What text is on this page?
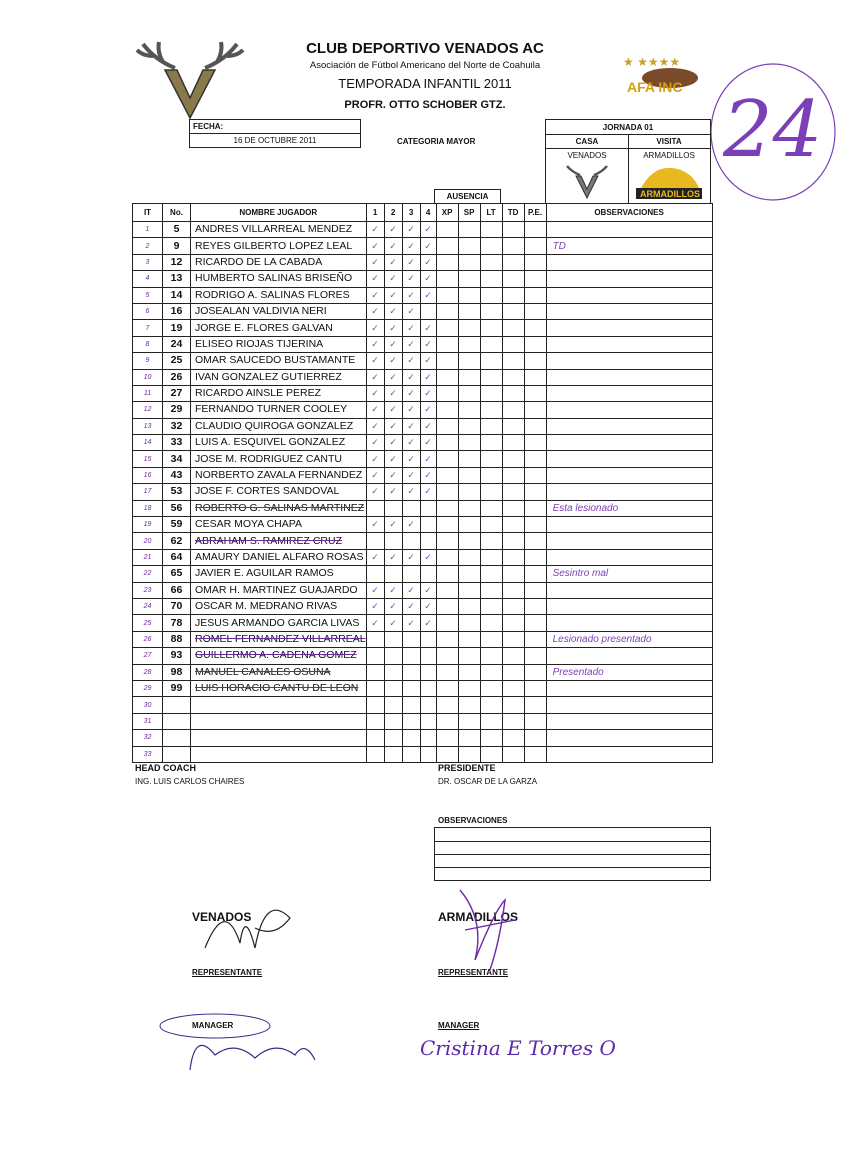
CLUB DEPORTIVO VENADOS AC
Asociación de Fútbol Americano del Norte de Coahuila
TEMPORADA INFANTIL 2011
PROFR. OTTO SCHOBER GTZ.
★ ★★★★
AFA INC 24
FECHA:
16 DE OCTUBRE 2011	CATEGORIA MAYOR
JORNADA 01
CASA	VISITA
VENADOS	ARMADILLOS
ARMADILLOS
AUSENCIA
IT	No.	NOMBRE JUGADOR	1	2	3	4	XP	SP	LT	TD	P.E.	OBSERVACIONES
1	5	ANDRES VILLARREAL MENDEZ	✓	✓	✓	✓						
2	9	REYES GILBERTO LOPEZ LEAL	✓	✓	✓	✓						TD
3	12	RICARDO DE LA CABADA	✓	✓	✓	✓						
4	13	HUMBERTO SALINAS BRISEÑO	✓	✓	✓	✓						
5	14	RODRIGO A. SALINAS FLORES	✓	✓	✓	✓						
6	16	JOSEALAN VALDIVIA NERI	✓	✓	✓							
7	19	JORGE E. FLORES GALVAN	✓	✓	✓	✓						
8	24	ELISEO RIOJAS TIJERINA	✓	✓	✓	✓						
9	25	OMAR SAUCEDO BUSTAMANTE	✓	✓	✓	✓						
10	26	IVAN GONZALEZ GUTIERREZ	✓	✓	✓	✓						
11	27	RICARDO AINSLE PEREZ	✓	✓	✓	✓						
12	29	FERNANDO TURNER COOLEY	✓	✓	✓	✓						
13	32	CLAUDIO QUIROGA GONZALEZ	✓	✓	✓	✓						
14	33	LUIS A. ESQUIVEL GONZALEZ	✓	✓	✓	✓						
15	34	JOSE M. RODRIGUEZ CANTU	✓	✓	✓	✓						
16	43	NORBERTO ZAVALA FERNANDEZ	✓	✓	✓	✓						
17	53	JOSE F. CORTES SANDOVAL	✓	✓	✓	✓						
18	56	ROBERTO G. SALINAS MARTINEZ										Esta lesionado
19	59	CESAR MOYA CHAPA	✓	✓	✓							
20	62	ABRAHAM S. RAMIREZ CRUZ										
21	64	AMAURY DANIEL ALFARO ROSAS	✓	✓	✓	✓						
22	65	JAVIER E. AGUILAR RAMOS										Sesintro mal
23	66	OMAR H. MARTINEZ GUAJARDO	✓	✓	✓	✓						
24	70	OSCAR M. MEDRANO RIVAS	✓	✓	✓	✓						
25	78	JESUS ARMANDO GARCIA LIVAS	✓	✓	✓	✓						
26	88	ROMEL FERNANDEZ VILLARREAL										Lesionado presentado
27	93	GUILLERMO A. CADENA GOMEZ										
28	98	MANUEL CANALES OSUNA										Presentado
29	99	LUIS HORACIO CANTU DE LEON										
30												
31												
32												
33												
HEAD COACH
ING. LUIS CARLOS CHAIRES
PRESIDENTE
DR. OSCAR DE LA GARZA
OBSERVACIONES
VENADOS
REPRESENTANTE
ARMADILLOS
REPRESENTANTE
MANAGER	MANAGER
Cristina E Torres O
